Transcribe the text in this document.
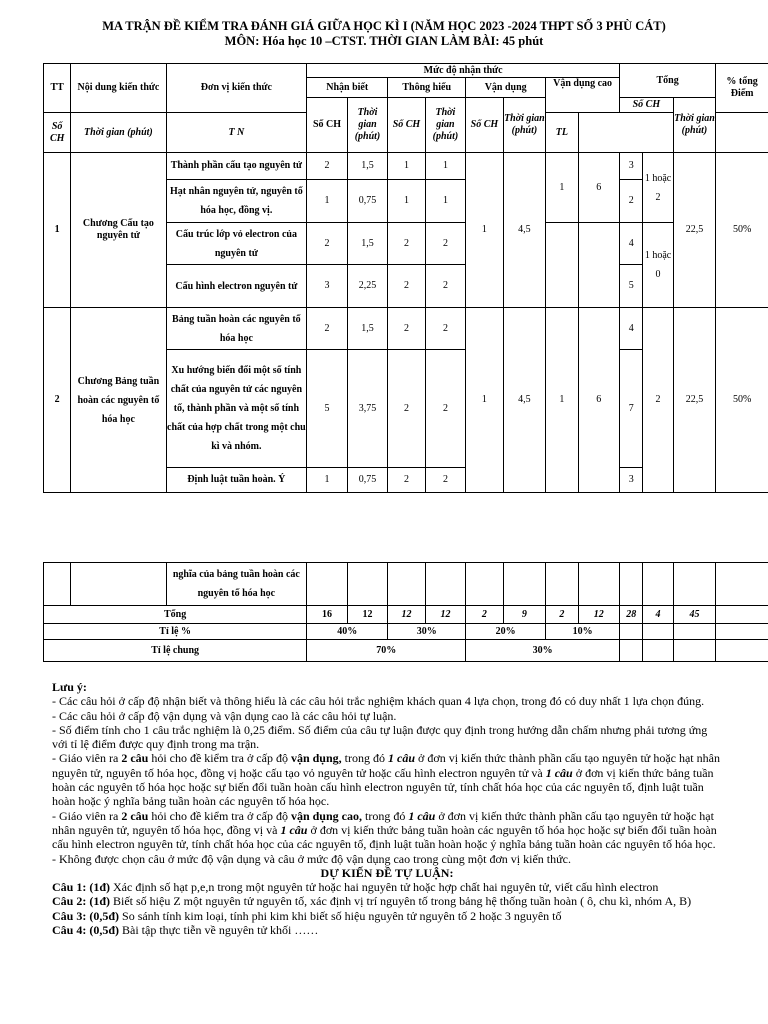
MA TRẬN ĐỀ KIỂM TRA ĐÁNH GIÁ GIỮA HỌC KÌ I (NĂM HỌC 2023 -2024 THPT SỐ 3 PHÙ CÁT)
MÔN: Hóa học 10 –CTST. THỜI GIAN LÀM BÀI: 45 phút
TT	Nội dung kiến thức	Đơn vị kiến thức	Mức độ nhận thức								Tổng			% tổng Điểm
			Nhận biết		Thông hiểu		Vận dụng		Vận dụng cao					
			Số CH	Thời gian (phút)	Số CH	Thời gian (phút)	Số CH	Thời gian (phút)			Số CH		Thời gian (phút)	
Số CH	Thời gian (phút)	T N							TL					
1	Chương Cấu tạo nguyên tử	Thành phần cấu tạo nguyên tử	2	1,5	1	1	1	4,5	1	6	3	1 hoặc 2	22,5	50%
		Hạt nhân nguyên tử, nguyên tố hóa học, đồng vị.	1	0,75	1	1					2			
		Cấu trúc lớp vỏ electron của nguyên tử	2	1,5	2	2					4	1 hoặc 0		
		Cấu hình electron nguyên tử	3	2,25	2	2					5			
2	Chương Bảng tuần hoàn các nguyên tố hóa học	Bảng tuần hoàn các nguyên tố hóa học	2	1,5	2	2	1	4,5	1	6	4	2	22,5	50%
		Xu hướng biến đổi một số tính chất của nguyên tử các nguyên tố, thành phần và một số tính chất của hợp chất trong một chu kì và nhóm.	5	3,75	2	2					7			
		Định luật tuần hoàn. Ý	1	0,75	2	2					3			
		nghĩa của bảng tuần hoàn các nguyên tố hóa học												
Tổng			16	12	12	12	2	9	2	12	28	4	45	
Tỉ lệ %			40%		30%		20%		10%					
Tỉ lệ chung			70%				30%							

Lưu ý:

- Các câu hỏi ở cấp độ nhận biết và thông hiểu là các câu hỏi trắc nghiệm khách quan 4 lựa chọn, trong đó có duy nhất 1 lựa chọn đúng.

- Các câu hỏi ở cấp độ vận dụng và vận dụng cao là các câu hỏi tự luận.

- Số điểm tính cho 1 câu trắc nghiệm là 0,25 điểm. Số điểm của câu tự luận được quy định trong hướng dẫn chấm nhưng phải tương ứng với tỉ lệ điểm được quy định trong ma trận.

- Giáo viên ra 2 câu hỏi cho đề kiểm tra ở cấp độ vận dụng, trong đó 1 câu ở đơn vị kiến thức thành phần cấu tạo nguyên tử hoặc hạt nhân nguyên tử, nguyên tố hóa học, đồng vị hoặc cấu tạo vỏ nguyên tử hoặc cấu hình electron nguyên tử và 1 câu ở đơn vị kiến thức bảng tuần hoàn các nguyên tố hóa học hoặc sự biến đổi tuần hoàn cấu hình electron nguyên tử, tính chất hóa học của các nguyên tố, định luật tuần hoàn hoặc ý nghĩa bảng tuần hoàn các nguyên tố hóa học.

- Giáo viên ra 2 câu hỏi cho đề kiểm tra ở cấp độ vận dụng cao, trong đó 1 câu ở đơn vị kiến thức thành phần cấu tạo nguyên tử hoặc hạt nhân nguyên tử, nguyên tố hóa học, đồng vị và 1 câu ở đơn vị kiến thức bảng tuần hoàn các nguyên tố hóa học hoặc sự biến đổi tuần hoàn cấu hình electron nguyên tử, tính chất hóa học của các nguyên tố, định luật tuần hoàn hoặc ý nghĩa bảng tuần hoàn các nguyên tố hóa học.

- Không được chọn câu ở mức độ vận dụng và câu ở mức độ vận dụng cao trong cùng một đơn vị kiến thức.

DỰ KIẾN ĐỀ TỰ LUẬN:

Câu 1: (1đ) Xác định số hạt p,e,n trong một nguyên tử hoặc hai nguyên tử hoặc hợp chất hai nguyên tử, viết cấu hình electron

Câu 2: (1đ) Biết số hiệu Z một nguyên tử nguyên tố, xác định vị trí nguyên tố trong bảng hệ thống tuần hoàn ( ô, chu kì, nhóm A, B)

Câu 3: (0,5đ) So sánh tính kim loại, tính phi kim khi biết số hiệu nguyên tử nguyên tố 2 hoặc 3 nguyên tố

Câu 4: (0,5đ) Bài tập thực tiễn về nguyên tử khối ……
